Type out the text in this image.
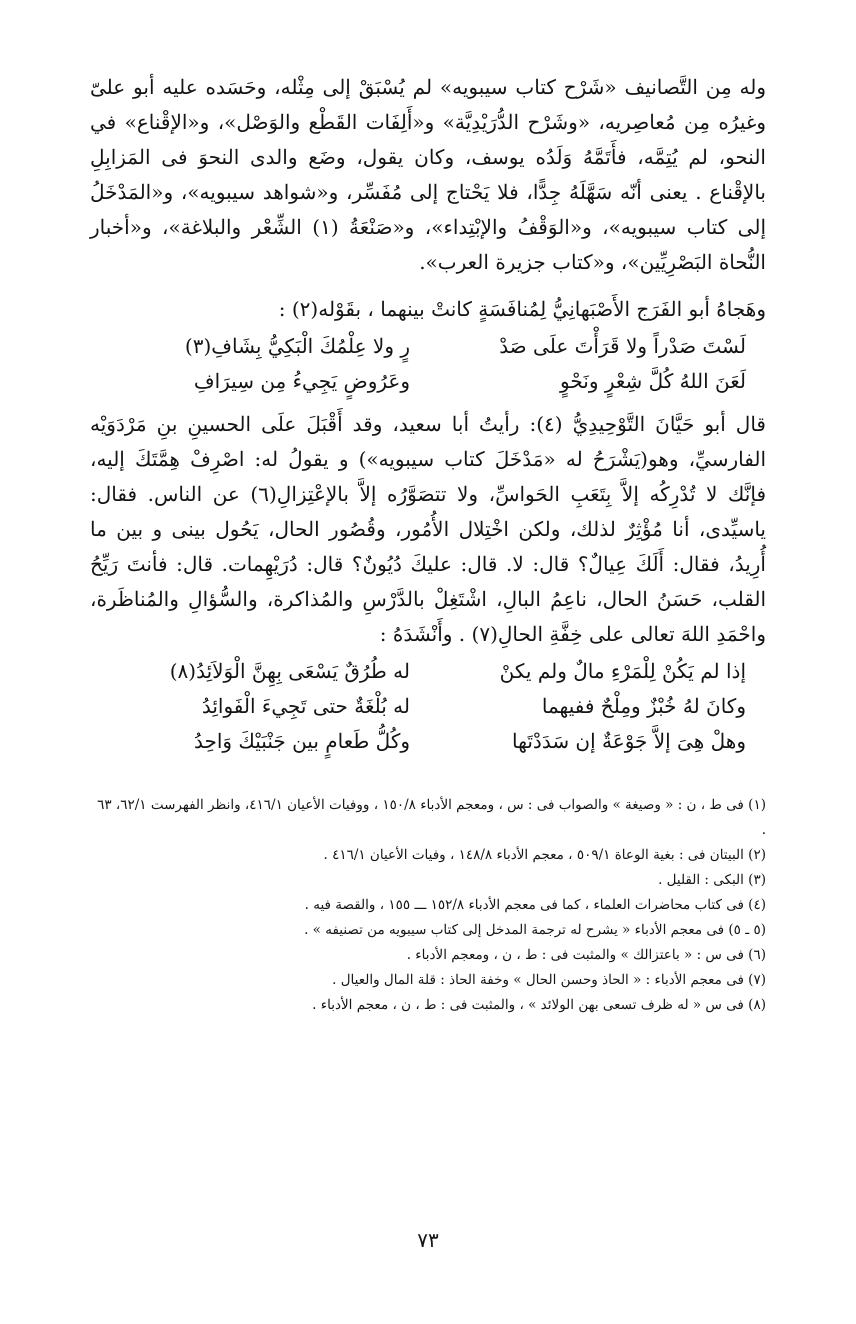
وله مِن التَّصانيف «شَرْح كتاب سيبويه» لم يُسْبَقْ إلى مِثْله، وحَسَده عليه أبو علىّ وغيرُه مِن مُعاصِريه، «وشَرْح الدُّرَيْدِيَّة» و«أَلِفَات القَطْع والوَصْل»، و«الإقْناع» في النحو، لم يُتِمَّه، فأَتَمَّهُ وَلَدُه يوسف، وكان يقول، وضَع والدى النحوَ فى المَزابِلِ بالإقْناع . يعنى أنّه سَهَّلَهُ جِدًّا، فلا يَحْتاج إلى مُفَسِّر، و«شواهد سيبويه»، و«المَدْخَلُ إلى كتاب سيبويه»، و«الوَقْفُ والإبْتِداء»، و«صَنْعَةُ (١) الشِّعْر والبلاغة»، و«أخبار النُّحاة البَصْرِيِّين»، و«كتاب جزيرة العرب».

وهَجاهُ أبو الفَرَج الأَصْبَهانِيُّ لِمُنافَسَةٍ كانتْ بينهما ، بقَوْله(٢) :

لَسْتَ صَدْراً ولا قَرَأْتَ علَى صَدْ
رٍ ولا عِلْمُكَ الْبَكِيُّ بِشَافِ(٣)
لَعَنَ اللهُ كُلَّ شِعْرٍ ونَحْوٍ
وعَرُوضٍ يَجِيءُ مِن سِيرَافِ

قال أبو حَيَّانَ التَّوْحِيدِيُّ (٤): رأيتُ أبا سعيد، وقد أَقْبَلَ علَى الحسينِ بنِ مَرْدَوَيْه الفارسيِّ، وهو(يَشْرَحُ له «مَدْخَلَ كتاب سيبويه») و يقولُ له: اصْرِفْ هِمَّتَكَ إليه، فإنَّك لا تُدْرِكُه إلاَّ بِتَعَبِ الحَواسِّ، ولا تتصَوَّرُه إلاَّ بالإعْتِزالِ(٦) عن الناس. فقال: ياسيِّدى، أنا مُؤْثِرٌ لذلك، ولكن اخْتِلال الأُمُور، وقُصُور الحال، يَحُول بينى و بين ما أُرِيدُ، فقال: أَلَكَ عِيالٌ؟ قال: لا. قال: عليكَ دُيُونٌ؟ قال: دُرَيْهِمات. قال: فأنتَ رَيِّحُ القلب، حَسَنُ الحال، ناعِمُ البالِ، اشْتَغِلْ بالدَّرْسِ والمُذاكرة، والسُّؤالِ والمُناظَرة، واحْمَدِ اللهَ تعالى على خِفَّةِ الحالِ(٧) . وأَنْشَدَهُ :

إذا لم يَكُنْ لِلْمَرْءِ مالٌ ولم يكنْ
له طُرُقٌ يَسْعَى بِهِنَّ الْوَلاَئِدُ(٨)
وكانَ لهُ خُبْزٌ ومِلْحٌ ففيهما
له بُلْغَةٌ حتى تَجِيءَ الْفَوائِدُ
وهلْ هِىَ إلاَّ جَوْعَةٌ إن سَدَدْتَها
وكُلُّ طَعامٍ بين جَنْبَيْكَ وَاحِدُ
(١) فى ط ، ن : « وصيغة » والصواب فى : س ، ومعجم الأدباء ١٥٠/٨ ، ووفيات الأعيان ٤١٦/١، وانظر الفهرست ٦٢/١، ٦٣ .
(٢) البيتان فى : بغية الوعاة ٥٠٩/١ ، معجم الأدباء ١٤٨/٨ ، وفيات الأعيان ٤١٦/١ .
(٣) البكى : القليل .
(٤) فى كتاب محاضرات العلماء ، كما فى معجم الأدباء ١٥٢/٨ ـــ ١٥٥ ، والقصة فيه .
(٥ ـ ٥) فى معجم الأدباء « يشرح له ترجمة المدخل إلى كتاب سيبويه من تصنيفه » .
(٦) فى س : « باعتزالك » والمثبت فى : ط ، ن ، ومعجم الأدباء .
(٧) فى معجم الأدباء : « الحاذ وحسن الحال » وخفة الحاذ : قلة المال والعيال .
(٨) فى س « له ظرف تسعى بهن الولائد » ، والمثبت فى : ط ، ن ، معجم الأدباء .
٧٣
